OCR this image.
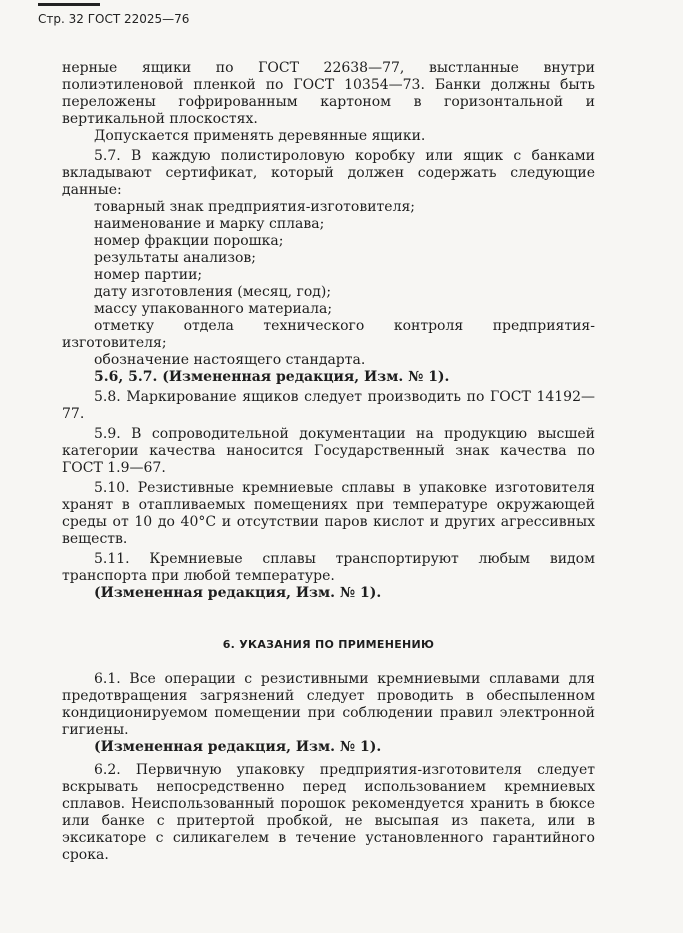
Стр. 32 ГОСТ 22025—76

нерные ящики по ГОСТ 22638—77, выстланные внутри полиэтиленовой пленкой по ГОСТ 10354—73. Банки должны быть переложены гофрированным картоном в горизонтальной и вертикальной плоскостях.

Допускается применять деревянные ящики.

5.7. В каждую полистироловую коробку или ящик с банками вкладывают сертификат, который должен содержать следующие данные:

товарный знак предприятия-изготовителя;

наименование и марку сплава;

номер фракции порошка;

результаты анализов;

номер партии;

дату изготовления (месяц, год);

массу упакованного материала;

отметку отдела технического контроля предприятия-изготовителя;

обозначение настоящего стандарта.

5.6, 5.7. (Измененная редакция, Изм. № 1).

5.8. Маркирование ящиков следует производить по ГОСТ 14192—77.

5.9. В сопроводительной документации на продукцию высшей категории качества наносится Государственный знак качества по ГОСТ 1.9—67.

5.10. Резистивные кремниевые сплавы в упаковке изготовителя хранят в отапливаемых помещениях при температуре окружающей среды от 10 до 40°С и отсутствии паров кислот и других агрессивных веществ.

5.11. Кремниевые сплавы транспортируют любым видом транспорта при любой температуре.

(Измененная редакция, Изм. № 1).

6. УКАЗАНИЯ ПО ПРИМЕНЕНИЮ

6.1. Все операции с резистивными кремниевыми сплавами для предотвращения загрязнений следует проводить в обеспыленном кондиционируемом помещении при соблюдении правил электронной гигиены.

(Измененная редакция, Изм. № 1).

6.2. Первичную упаковку предприятия-изготовителя следует вскрывать непосредственно перед использованием кремниевых сплавов. Неиспользованный порошок рекомендуется хранить в бюксе или банке с притертой пробкой, не высыпая из пакета, или в эксикаторе с силикагелем в течение установленного гарантийного срока.
